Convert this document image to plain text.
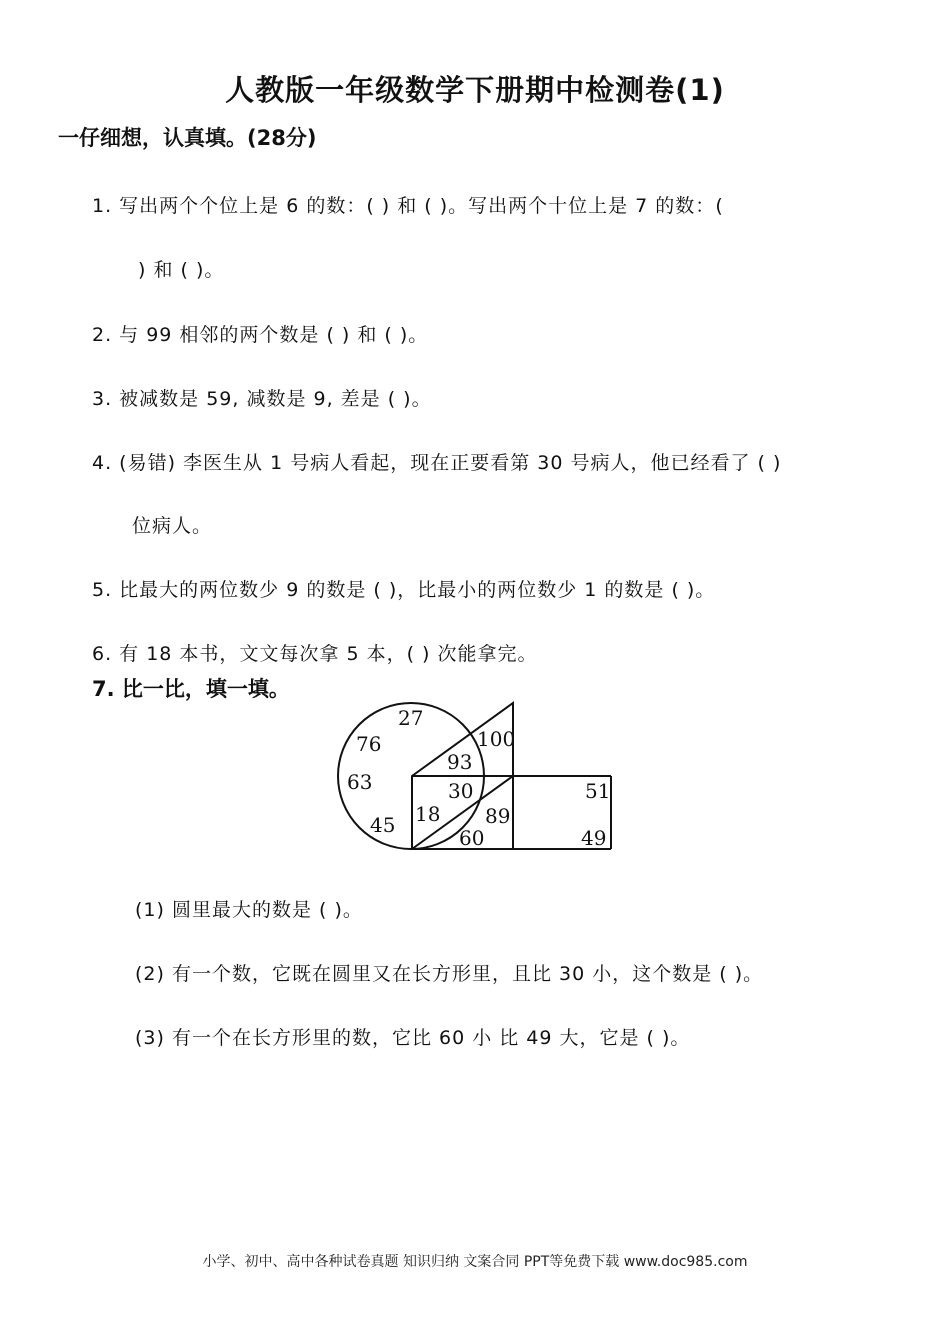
人教版一年级数学下册期中检测卷(1)
一仔细想，认真填。(28分)
1. 写出两个个位上是 6 的数：( ) 和 ( )。写出两个十位上是 7 的数：(
) 和 ( )。
2. 与 99 相邻的两个数是 ( ) 和 ( )。
3. 被减数是 59, 减数是 9, 差是 ( )。
4. (易错) 李医生从 1 号病人看起，现在正要看第 30 号病人，他已经看了 ( )
位病人。
5. 比最大的两位数少 9 的数是 ( )，比最小的两位数少 1 的数是 ( )。
6. 有 18 本书，文文每次拿 5 本，( ) 次能拿完。
7. 比一比，填一填。
27
76
63
45
93
100
30
18
60
89
51
49
(1) 圆里最大的数是 ( )。
(2) 有一个数，它既在圆里又在长方形里，且比 30 小，这个数是 ( )。
(3) 有一个在长方形里的数，它比 60 小 比 49 大，它是 ( )。
小学、初中、高中各种试卷真题 知识归纳 文案合同 PPT等免费下载 www.doc985.com
